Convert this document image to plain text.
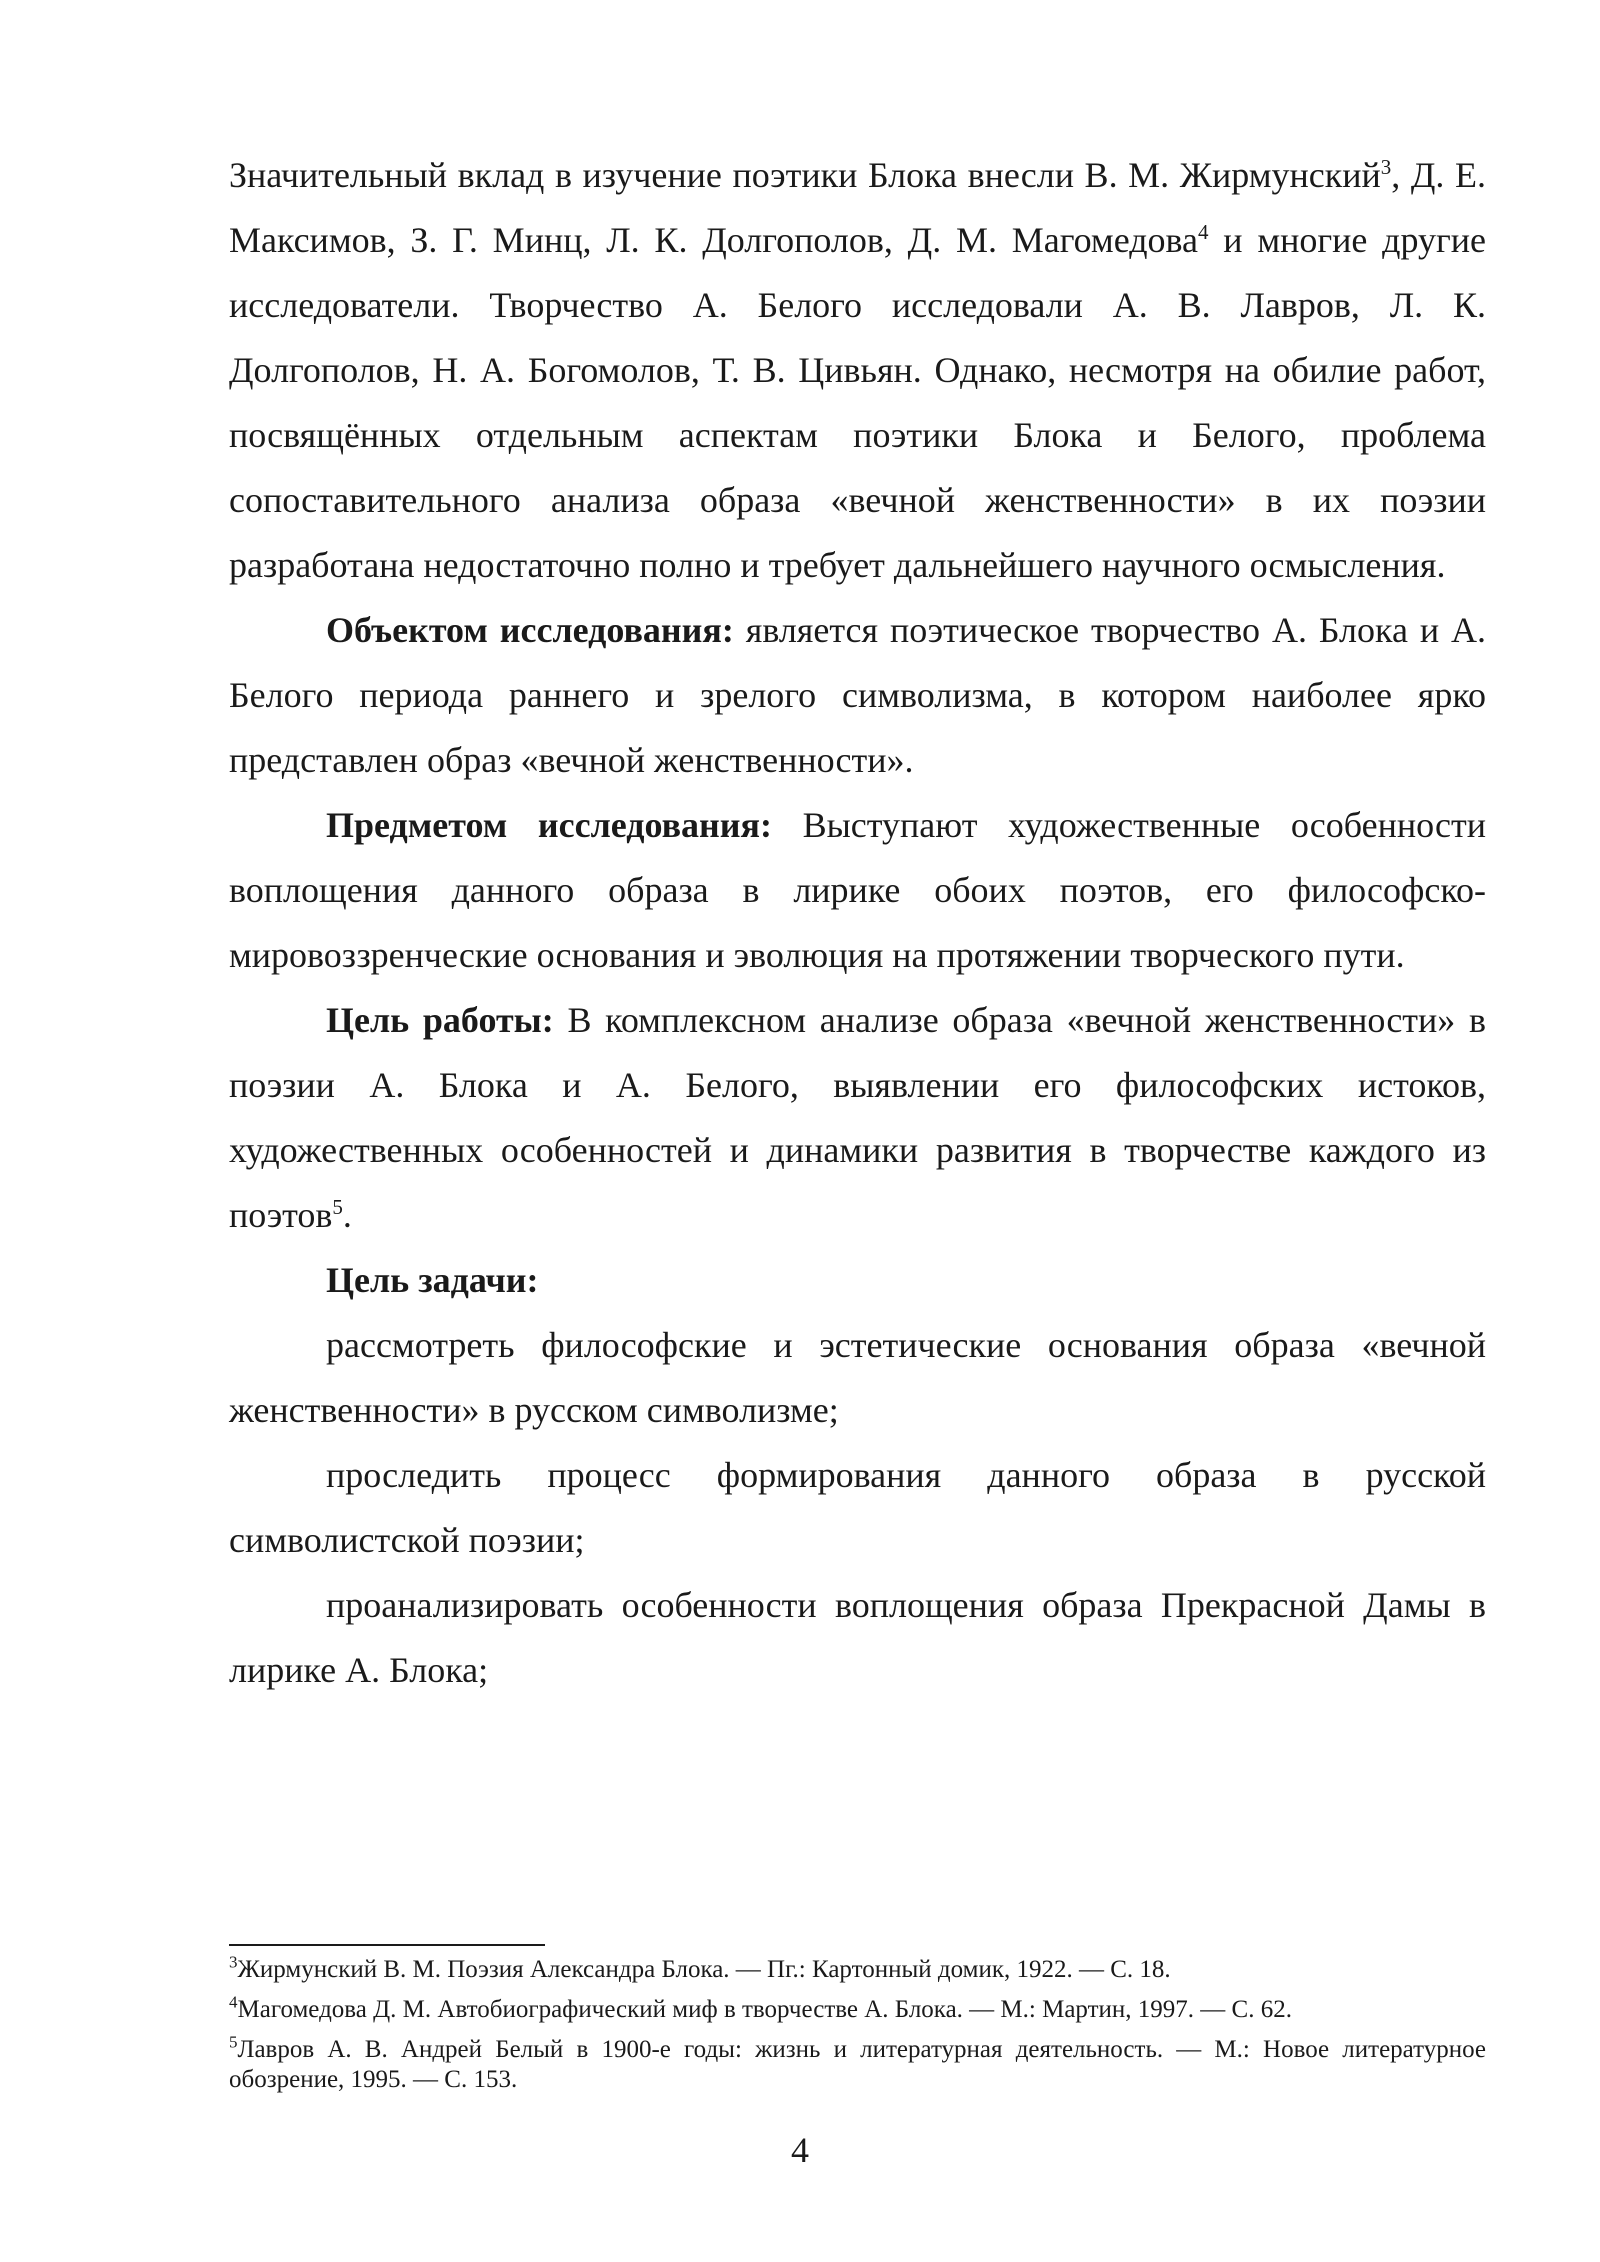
Значительный вклад в изучение поэтики Блока внесли В. М. Жирмунский$^3$, Д. Е. Максимов, З. Г. Минц, Л. К. Долгополов, Д. М. Магомедова$^4$ и многие другие исследователи. Творчество А. Белого исследовали А. В. Лавров, Л. К. Долгополов, Н. А. Богомолов, Т. В. Цивьян. Однако, несмотря на обилие работ, посвящённых отдельным аспектам поэтики Блока и Белого, проблема сопоставительного анализа образа «вечной женственности» в их поэзии разработана недостаточно полно и требует дальнейшего научного осмысления.

Объектом исследования: является поэтическое творчество А. Блока и А. Белого периода раннего и зрелого символизма, в котором наиболее ярко представлен образ «вечной женственности».

Предметом исследования: Выступают художественные особенности воплощения данного образа в лирике обоих поэтов, его философско-мировоззренческие основания и эволюция на протяжении творческого пути.

Цель работы: В комплексном анализе образа «вечной женственности» в поэзии А. Блока и А. Белого, выявлении его философских истоков, художественных особенностей и динамики развития в творчестве каждого из поэтов$^5$.

Цель задачи:

рассмотреть философские и эстетические основания образа «вечной женственности» в русском символизме;

проследить процесс формирования данного образа в русской символистской поэзии;

проанализировать особенности воплощения образа Прекрасной Дамы в лирике А. Блока;

$^3$Жирмунский В. М. Поэзия Александра Блока. — Пг.: Картонный домик, 1922. — С. 18.

$^4$Магомедова Д. М. Автобиографический миф в творчестве А. Блока. — М.: Мартин, 1997. — С. 62.

$^5$Лавров А. В. Андрей Белый в 1900-е годы: жизнь и литературная деятельность. — М.: Новое литературное обозрение, 1995. — С. 153.

4
